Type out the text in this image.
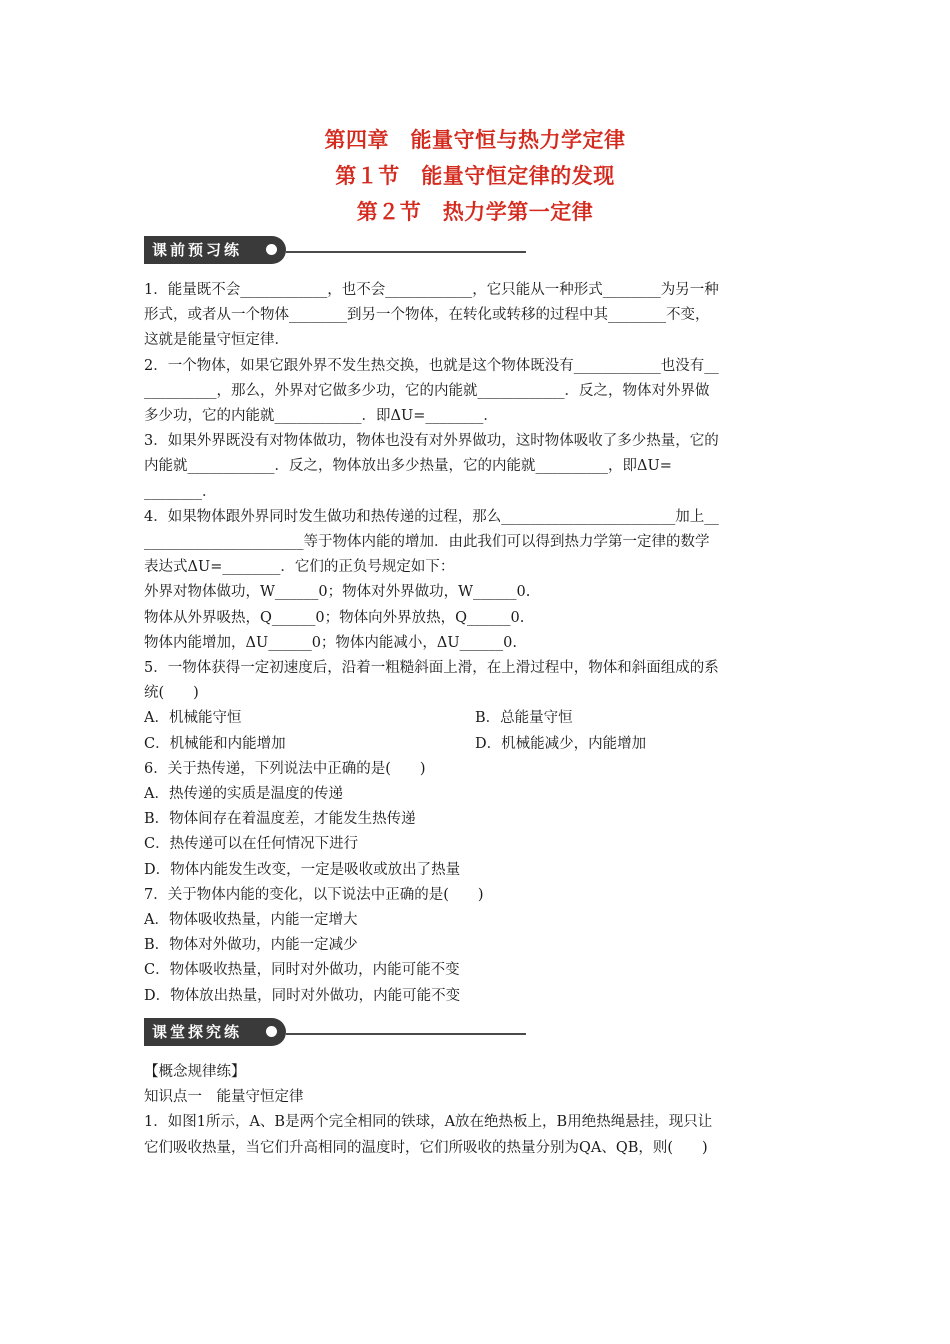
第四章　能量守恒与热力学定律
第１节　能量守恒定律的发现
第２节　热力学第一定律
课前预习练

1．能量既不会____________，也不会____________，它只能从一种形式________为另一种

形式，或者从一个物体________到另一个物体，在转化或转移的过程中其________不变，

这就是能量守恒定律．

2．一个物体，如果它跟外界不发生热交换，也就是这个物体既没有____________也没有__

__________，那么，外界对它做多少功，它的内能就____________．反之，物体对外界做

多少功，它的内能就____________．即ΔU=________．

3．如果外界既没有对物体做功，物体也没有对外界做功，这时物体吸收了多少热量，它的

内能就____________．反之，物体放出多少热量，它的内能就__________，即ΔU=

________．

4．如果物体跟外界同时发生做功和热传递的过程，那么________________________加上__

______________________等于物体内能的增加．由此我们可以得到热力学第一定律的数学

表达式ΔU=________．它们的正负号规定如下：

外界对物体做功，W______0；物体对外界做功，W______0.

物体从外界吸热，Q______0；物体向外界放热，Q______0.

物体内能增加，ΔU______0；物体内能减小，ΔU______0.

5．一物体获得一定初速度后，沿着一粗糙斜面上滑，在上滑过程中，物体和斜面组成的系

统(　　)

A．机械能守恒	B．总能量守恒
C．机械能和内能增加	D．机械能减少，内能增加

6．关于热传递，下列说法中正确的是(　　)

A．热传递的实质是温度的传递

B．物体间存在着温度差，才能发生热传递

C．热传递可以在任何情况下进行

D．物体内能发生改变，一定是吸收或放出了热量

7．关于物体内能的变化，以下说法中正确的是(　　)

A．物体吸收热量，内能一定增大

B．物体对外做功，内能一定减少

C．物体吸收热量，同时对外做功，内能可能不变

D．物体放出热量，同时对外做功，内能可能不变

课堂探究练

【概念规律练】

知识点一　能量守恒定律

1．如图1所示，A、B是两个完全相同的铁球，A放在绝热板上，B用绝热绳悬挂，现只让

它们吸收热量，当它们升高相同的温度时，它们所吸收的热量分别为QA、QB，则(　　)
